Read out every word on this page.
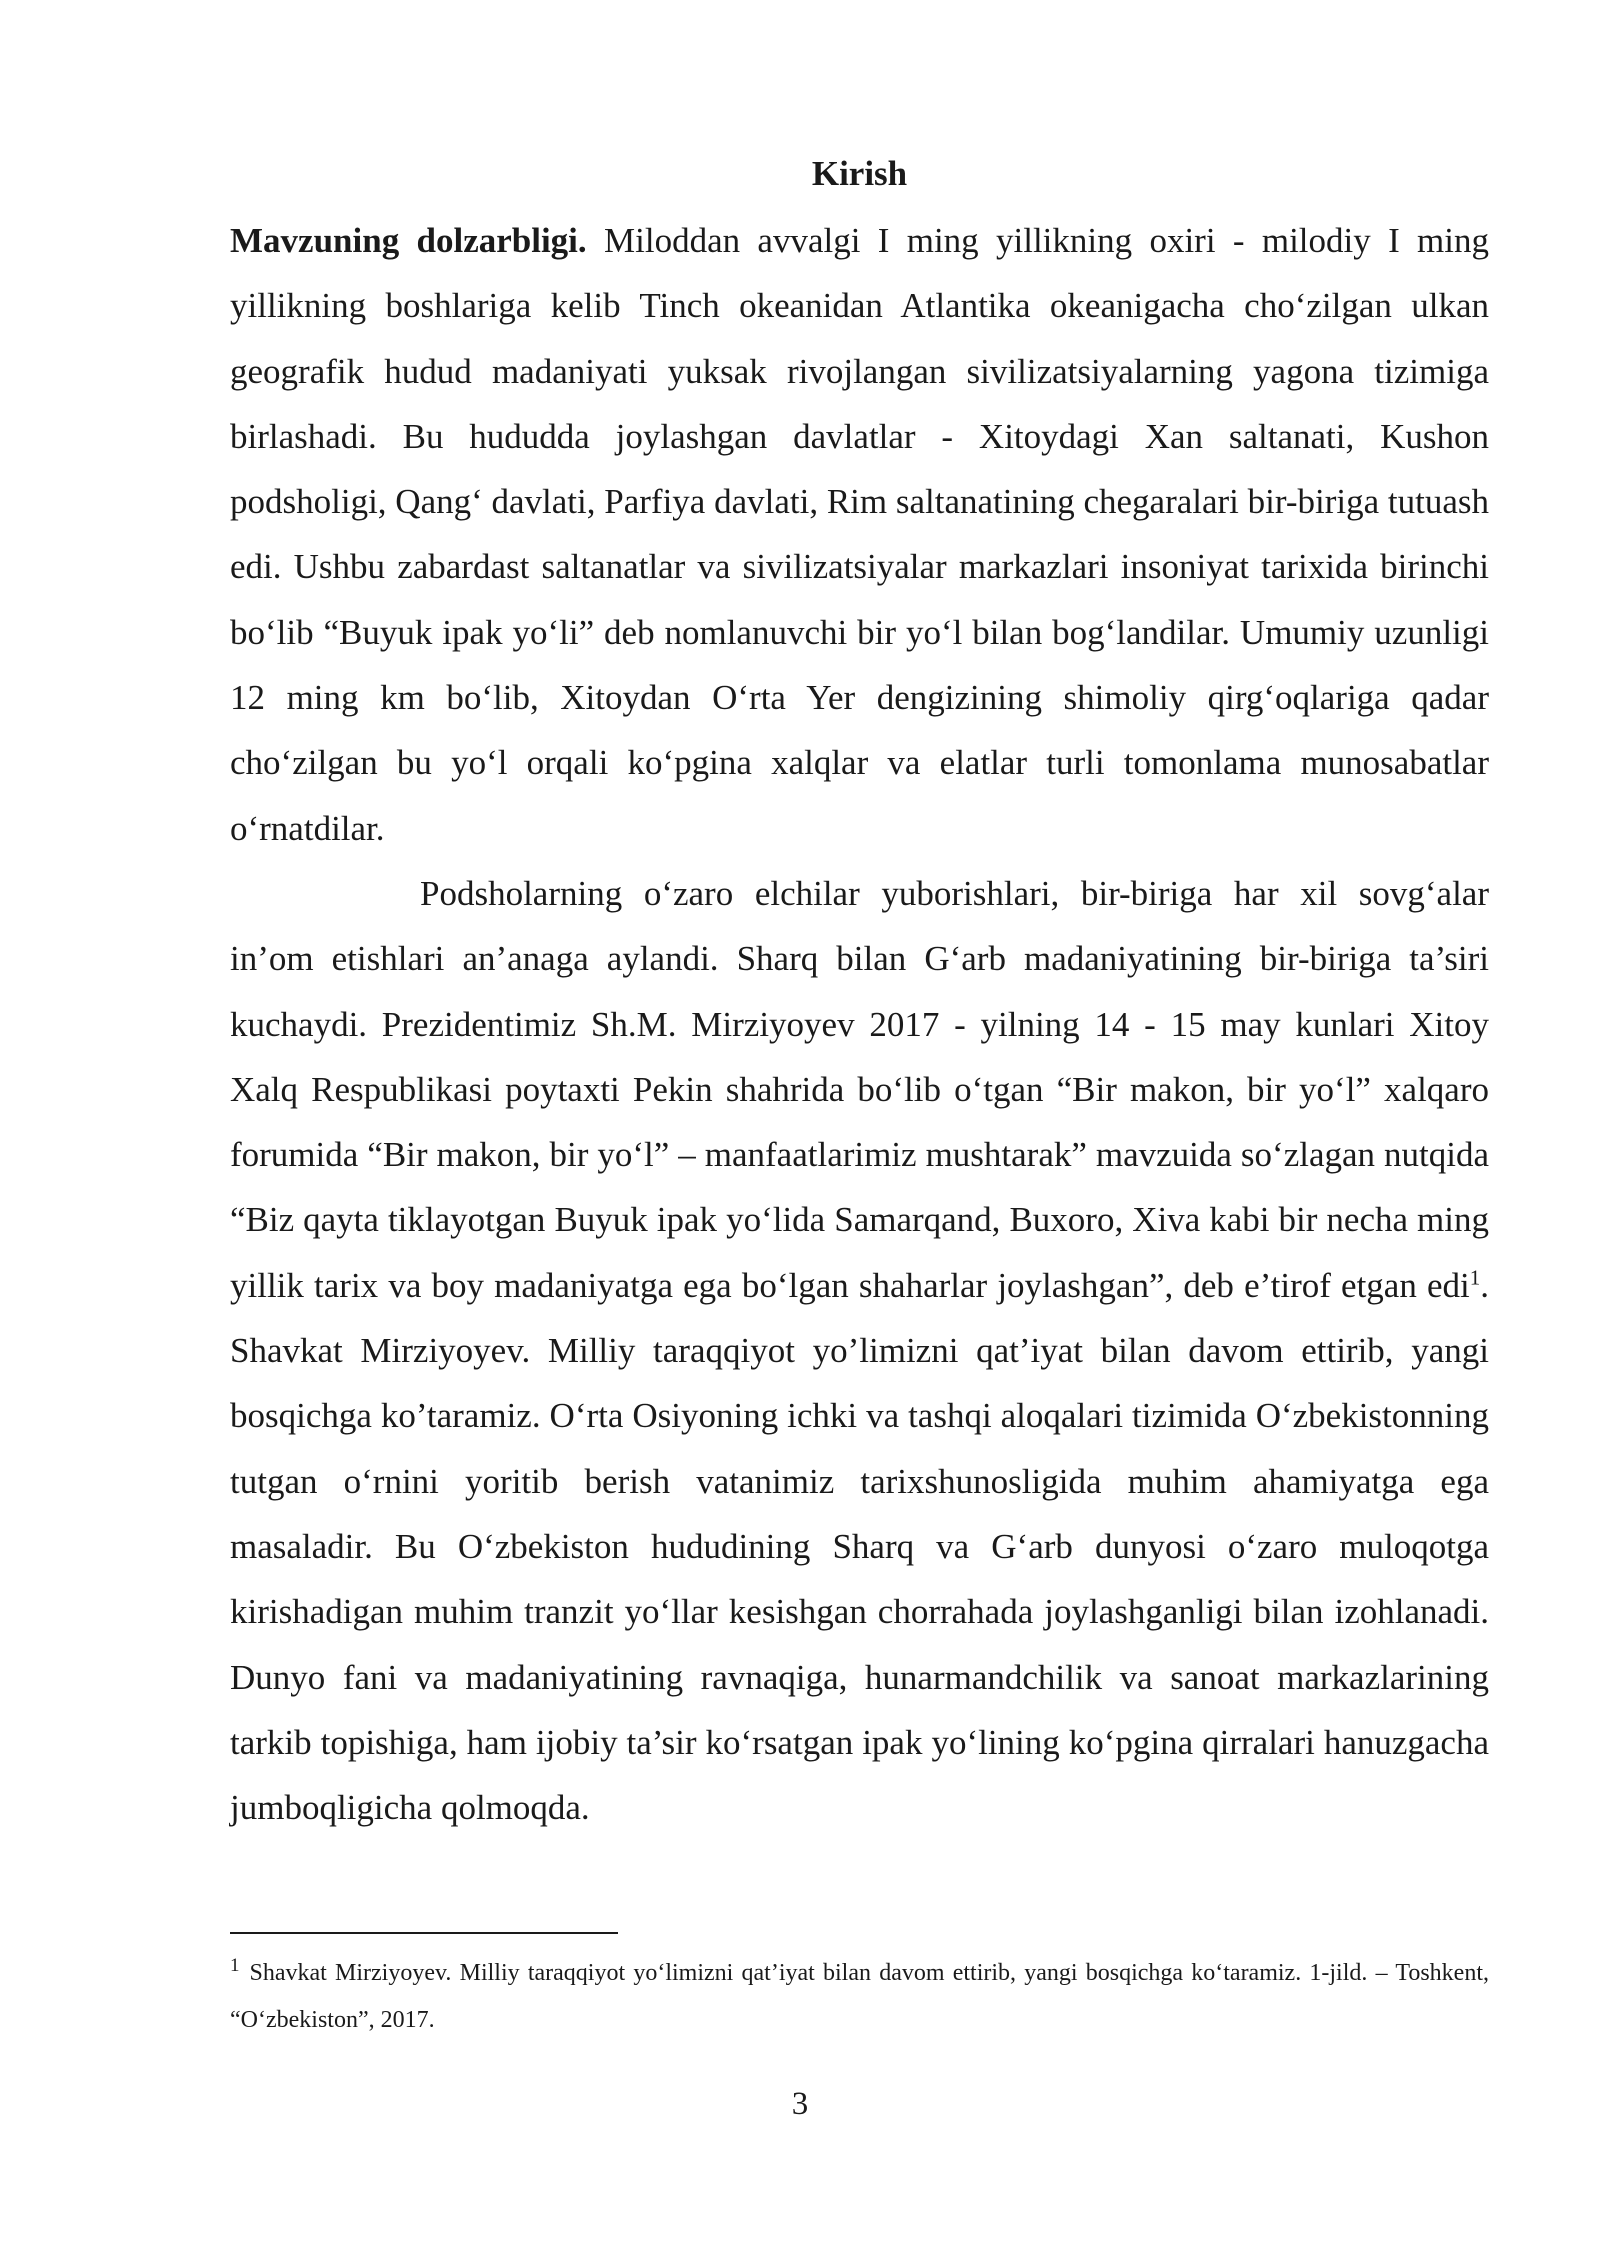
Kirish

Mavzuning dolzarbligi. Miloddan avvalgi I ming yillikning oxiri - milodiy I ming yillikning boshlariga kelib Tinch okeanidan Atlantika okeanigacha cho‘zilgan ulkan geografik hudud madaniyati yuksak rivojlangan sivilizatsiyalarning yagona tizimiga birlashadi. Bu hududda joylashgan davlatlar - Xitoydagi Xan saltanati, Kushon podsholigi, Qang‘ davlati, Parfiya davlati, Rim saltanatining chegaralari bir-biriga tutuash edi. Ushbu zabardast saltanatlar va sivilizatsiyalar markazlari insoniyat tarixida birinchi bo‘lib “Buyuk ipak yo‘li” deb nomlanuvchi bir yo‘l bilan bog‘landilar. Umumiy uzunligi 12 ming km bo‘lib, Xitoydan O‘rta Yer dengizining shimoliy qirg‘oqlariga qadar cho‘zilgan bu yo‘l orqali ko‘pgina xalqlar va elatlar turli tomonlama munosabatlar o‘rnatdilar.

Podsholarning o‘zaro elchilar yuborishlari, bir-biriga har xil sovg‘alar in’om etishlari an’anaga aylandi. Sharq bilan G‘arb madaniyatining bir-biriga ta’siri kuchaydi. Prezidentimiz Sh.M. Mirziyoyev 2017 - yilning 14 - 15 may kunlari Xitoy Xalq Respublikasi poytaxti Pekin shahrida bo‘lib o‘tgan “Bir makon, bir yo‘l” xalqaro forumida “Bir makon, bir yo‘l” – manfaatlarimiz mushtarak” mavzuida so‘zlagan nutqida “Biz qayta tiklayotgan Buyuk ipak yo‘lida Samarqand, Buxoro, Xiva kabi bir necha ming yillik tarix va boy madaniyatga ega bo‘lgan shaharlar joylashgan”, deb e’tirof etgan edi$^1$. Shavkat Mirziyoyev. Milliy taraqqiyot yo’limizni qat’iyat bilan davom ettirib, yangi bosqichga ko’taramiz. O‘rta Osiyoning ichki va tashqi aloqalari tizimida O‘zbekistonning tutgan o‘rnini yoritib berish vatanimiz tarixshunosligida muhim ahamiyatga ega masaladir. Bu O‘zbekiston hududining Sharq va G‘arb dunyosi o‘zaro muloqotga kirishadigan muhim tranzit yo‘llar kesishgan chorrahada joylashganligi bilan izohlanadi. Dunyo fani va madaniyatining ravnaqiga, hunarmandchilik va sanoat markazlarining tarkib topishiga, ham ijobiy ta’sir ko‘rsatgan ipak yo‘lining ko‘pgina qirralari hanuzgacha jumboqligicha qolmoqda.

$^1$ Shavkat Mirziyoyev. Milliy taraqqiyot yo‘limizni qat’iyat bilan davom ettirib, yangi bosqichga ko‘taramiz. 1-jild. – Toshkent, “O‘zbekiston”, 2017.
3
